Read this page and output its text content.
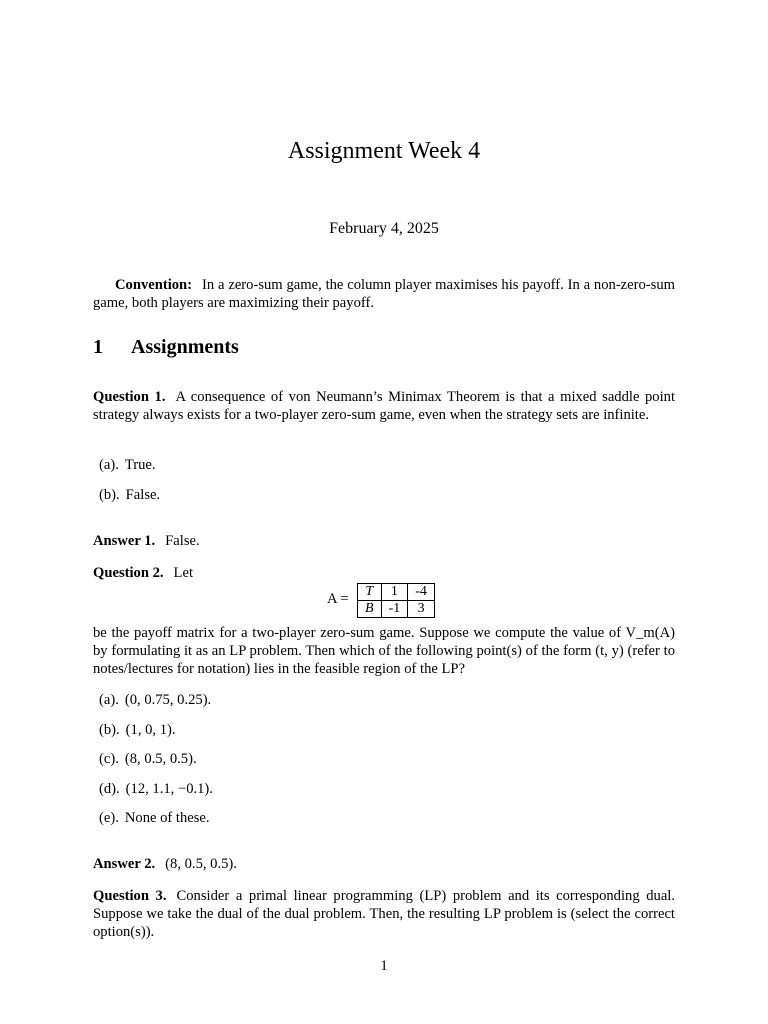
Assignment Week 4
February 4, 2025
Convention: In a zero-sum game, the column player maximises his payoff. In a non-zero-sum game, both players are maximizing their payoff.
1 Assignments
Question 1. A consequence of von Neumann’s Minimax Theorem is that a mixed saddle point strategy always exists for a two-player zero-sum game, even when the strategy sets are infinite.
(a). True.
(b). False.
Answer 1. False.
Question 2. Let
A = T	1	-4
B	-1	3
be the payoff matrix for a two-player zero-sum game. Suppose we compute the value of V_m(A) by formulating it as an LP problem. Then which of the following point(s) of the form (t, y) (refer to notes/lectures for notation) lies in the feasible region of the LP?
(a). (0, 0.75, 0.25).
(b). (1, 0, 1).
(c). (8, 0.5, 0.5).
(d). (12, 1.1, −0.1).
(e). None of these.
Answer 2. (8, 0.5, 0.5).
Question 3. Consider a primal linear programming (LP) problem and its corresponding dual. Suppose we take the dual of the dual problem. Then, the resulting LP problem is (select the correct option(s)).
1
